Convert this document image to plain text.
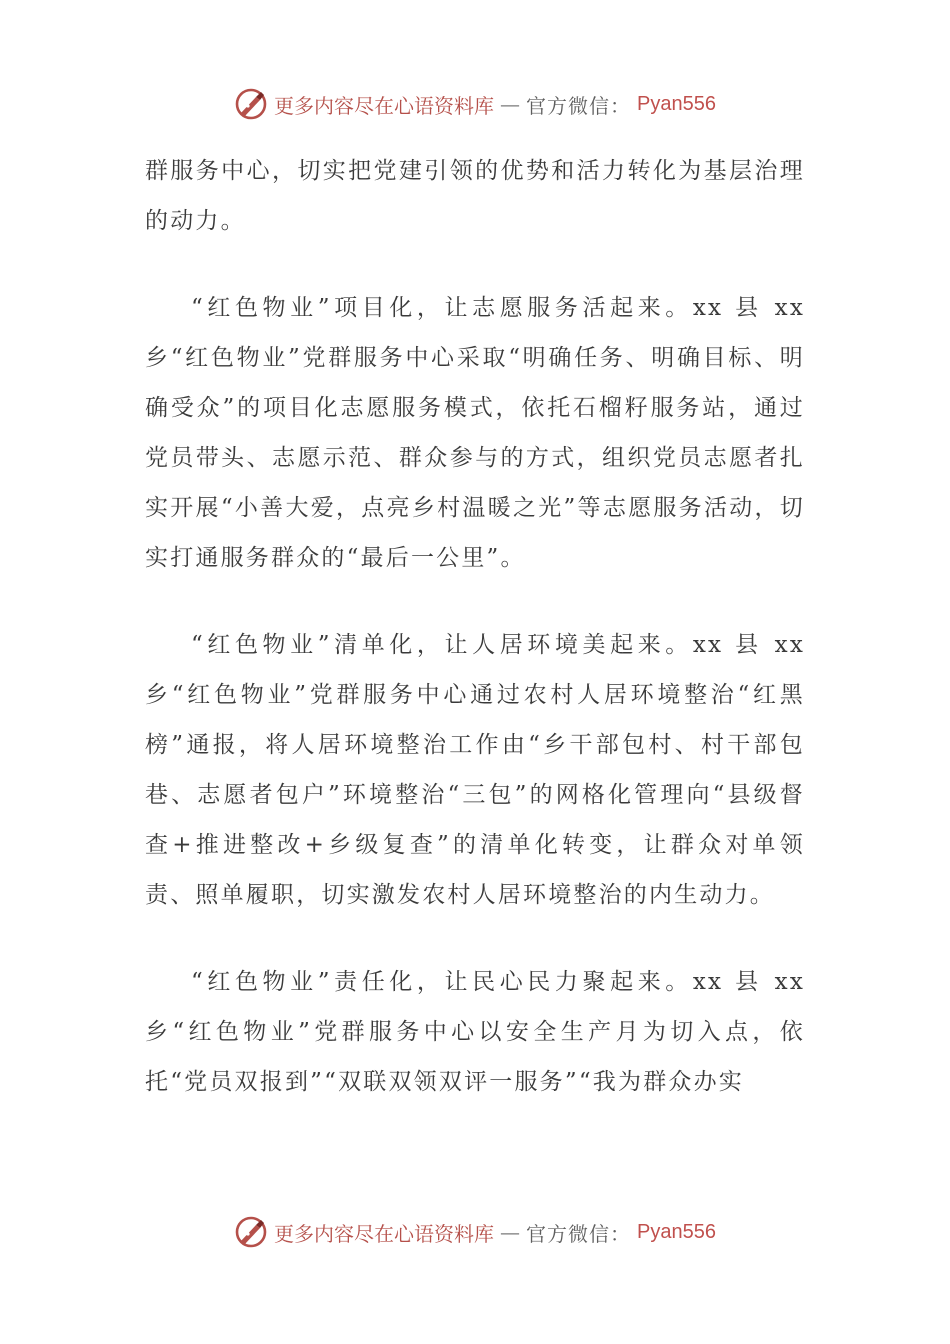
更多内容尽在心语资料库 — 官方微信： Pyan556

群服务中心，切实把党建引领的优势和活力转化为基层治理的动力。

“红色物业”项目化，让志愿服务活起来。xx 县 xx 乡“红色物业”党群服务中心采取“明确任务、明确目标、明确受众”的项目化志愿服务模式，依托石榴籽服务站，通过党员带头、志愿示范、群众参与的方式，组织党员志愿者扎实开展“小善大爱，点亮乡村温暖之光”等志愿服务活动，切实打通服务群众的“最后一公里”。

“红色物业”清单化，让人居环境美起来。xx 县 xx 乡“红色物业”党群服务中心通过农村人居环境整治“红黑榜”通报，将人居环境整治工作由“乡干部包村、村干部包巷、志愿者包户”环境整治“三包”的网格化管理向“县级督查+推进整改+乡级复查”的清单化转变，让群众对单领责、照单履职，切实激发农村人居环境整治的内生动力。

“红色物业”责任化，让民心民力聚起来。xx 县 xx 乡“红色物业”党群服务中心以安全生产月为切入点，依托“党员双报到”“双联双领双评一服务”“我为群众办实

更多内容尽在心语资料库 — 官方微信： Pyan556
